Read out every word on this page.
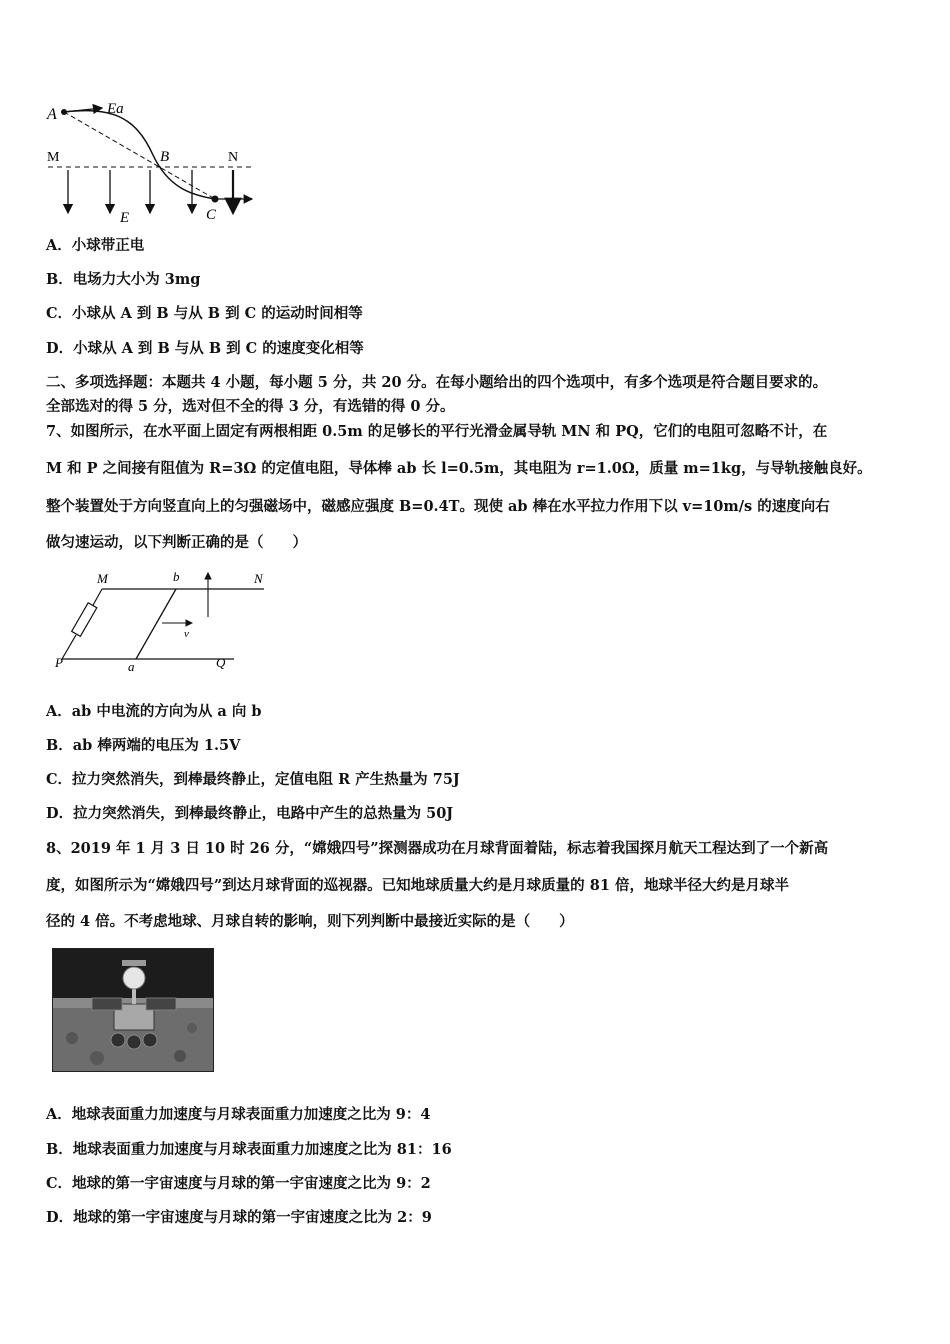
A	Ea
M	B	N
E	C
A．小球带正电
B．电场力大小为 3mg
C．小球从 A 到 B 与从 B 到 C 的运动时间相等
D．小球从 A 到 B 与从 B 到 C 的速度变化相等
二、多项选择题：本题共 4 小题，每小题 5 分，共 20 分。在每小题给出的四个选项中，有多个选项是符合题目要求的。
全部选对的得 5 分，选对但不全的得 3 分，有选错的得 0 分。
7、如图所示，在水平面上固定有两根相距 0.5m 的足够长的平行光滑金属导轨 MN 和 PQ，它们的电阻可忽略不计，在
M 和 P 之间接有阻值为 R=3Ω 的定值电阻，导体棒 ab 长 l=0.5m，其电阻为 r=1.0Ω，质量 m=1kg，与导轨接触良好。
整个装置处于方向竖直向上的匀强磁场中，磁感应强度 B=0.4T。现使 ab 棒在水平拉力作用下以 v=10m/s 的速度向右
做匀速运动，以下判断正确的是（　　）
M	b	N
v
P	a	Q
A．ab 中电流的方向为从 a 向 b
B．ab 棒两端的电压为 1.5V
C．拉力突然消失，到棒最终静止，定值电阻 R 产生热量为 75J
D．拉力突然消失，到棒最终静止，电路中产生的总热量为 50J
8、2019 年 1 月 3 日 10 时 26 分，“嫦娥四号”探测器成功在月球背面着陆，标志着我国探月航天工程达到了一个新高
度，如图所示为“嫦娥四号”到达月球背面的巡视器。已知地球质量大约是月球质量的 81 倍，地球半径大约是月球半
径的 4 倍。不考虑地球、月球自转的影响，则下列判断中最接近实际的是（　　）
A．地球表面重力加速度与月球表面重力加速度之比为 9：4
B．地球表面重力加速度与月球表面重力加速度之比为 81：16
C．地球的第一宇宙速度与月球的第一宇宙速度之比为 9：2
D．地球的第一宇宙速度与月球的第一宇宙速度之比为 2：9
